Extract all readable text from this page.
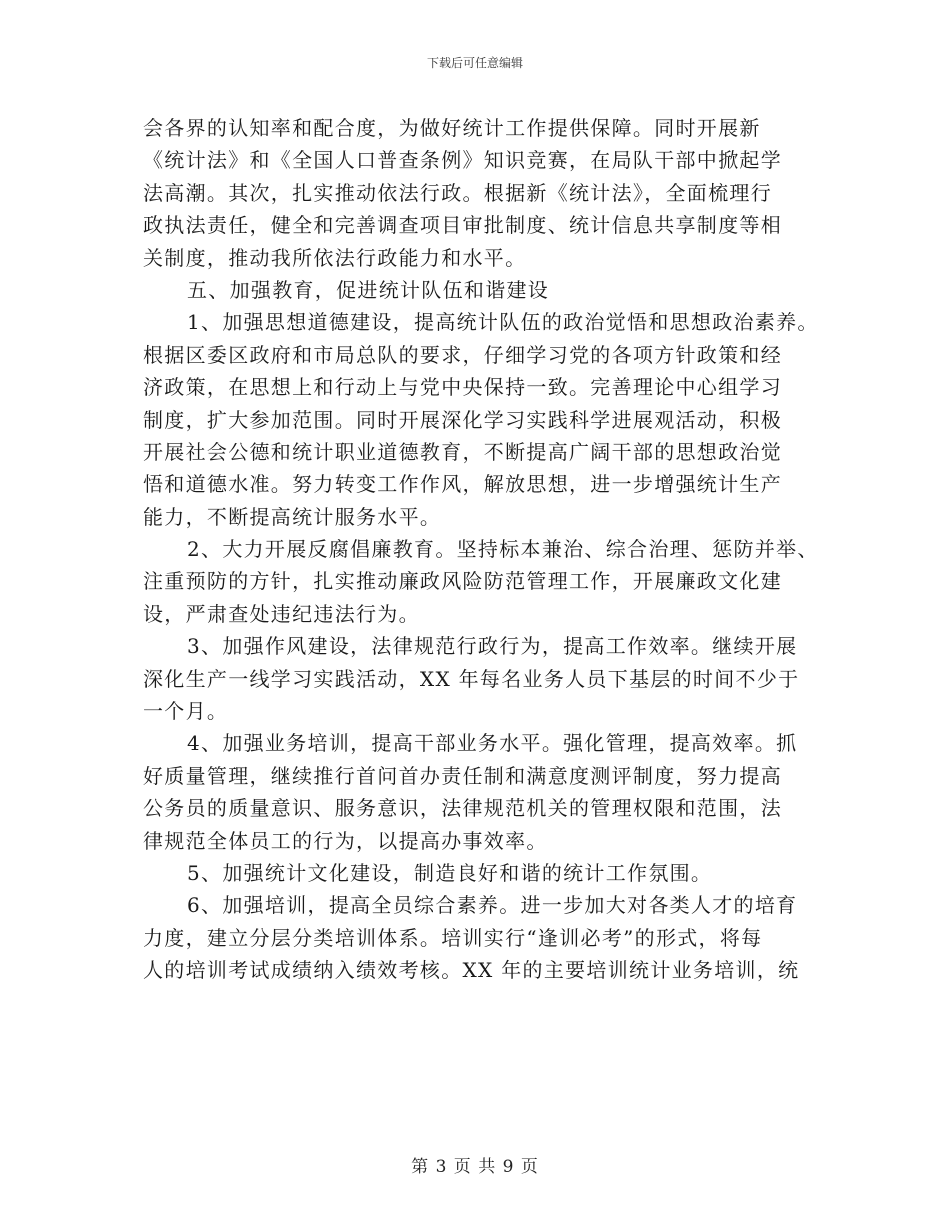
下载后可任意编辑
会各界的认知率和配合度，为做好统计工作提供保障。同时开展新
《统计法》和《全国人口普查条例》知识竞赛，在局队干部中掀起学
法高潮。其次，扎实推动依法行政。根据新《统计法》，全面梳理行
政执法责任，健全和完善调查项目审批制度、统计信息共享制度等相
关制度，推动我所依法行政能力和水平。
五、加强教育，促进统计队伍和谐建设
1、加强思想道德建设，提高统计队伍的政治觉悟和思想政治素养。
根据区委区政府和市局总队的要求，仔细学习党的各项方针政策和经
济政策，在思想上和行动上与党中央保持一致。完善理论中心组学习
制度，扩大参加范围。同时开展深化学习实践科学进展观活动，积极
开展社会公德和统计职业道德教育，不断提高广阔干部的思想政治觉
悟和道德水准。努力转变工作作风，解放思想，进一步增强统计生产
能力，不断提高统计服务水平。
2、大力开展反腐倡廉教育。坚持标本兼治、综合治理、惩防并举、
注重预防的方针，扎实推动廉政风险防范管理工作，开展廉政文化建
设，严肃查处违纪违法行为。
3、加强作风建设，法律规范行政行为，提高工作效率。继续开展
深化生产一线学习实践活动，XX 年每名业务人员下基层的时间不少于
一个月。
4、加强业务培训，提高干部业务水平。强化管理，提高效率。抓
好质量管理，继续推行首问首办责任制和满意度测评制度，努力提高
公务员的质量意识、服务意识，法律规范机关的管理权限和范围，法
律规范全体员工的行为，以提高办事效率。
5、加强统计文化建设，制造良好和谐的统计工作氛围。
6、加强培训，提高全员综合素养。进一步加大对各类人才的培育
力度，建立分层分类培训体系。培训实行“逢训必考”的形式，将每
人的培训考试成绩纳入绩效考核。XX 年的主要培训统计业务培训，统
第 3 页 共 9 页
